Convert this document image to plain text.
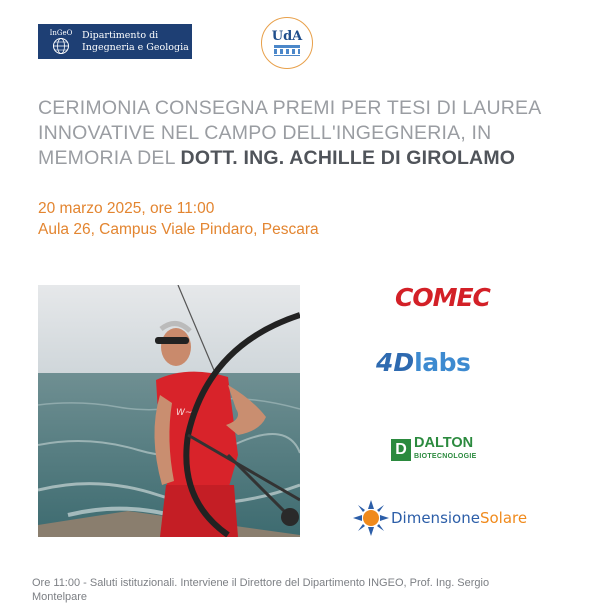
InGeO Dipartimento di
Ingegneria e Geologia
UdA
CERIMONIA CONSEGNA PREMI PER TESI DI LAUREA
INNOVATIVE NEL CAMPO DELL'INGEGNERIA, IN
MEMORIA DEL DOTT. ING. ACHILLE DI GIROLAMO
20 marzo 2025, ore 11:00
Aula 26, Campus Viale Pindaro, Pescara
W~
COMEC
4D labs
D DALTON
BIOTECNOLOGIE
Dimensione Solare
Ore 11:00 - Saluti istituzionali. Interviene il Direttore del Dipartimento INGEO, Prof. Ing. Sergio
Montelpare
